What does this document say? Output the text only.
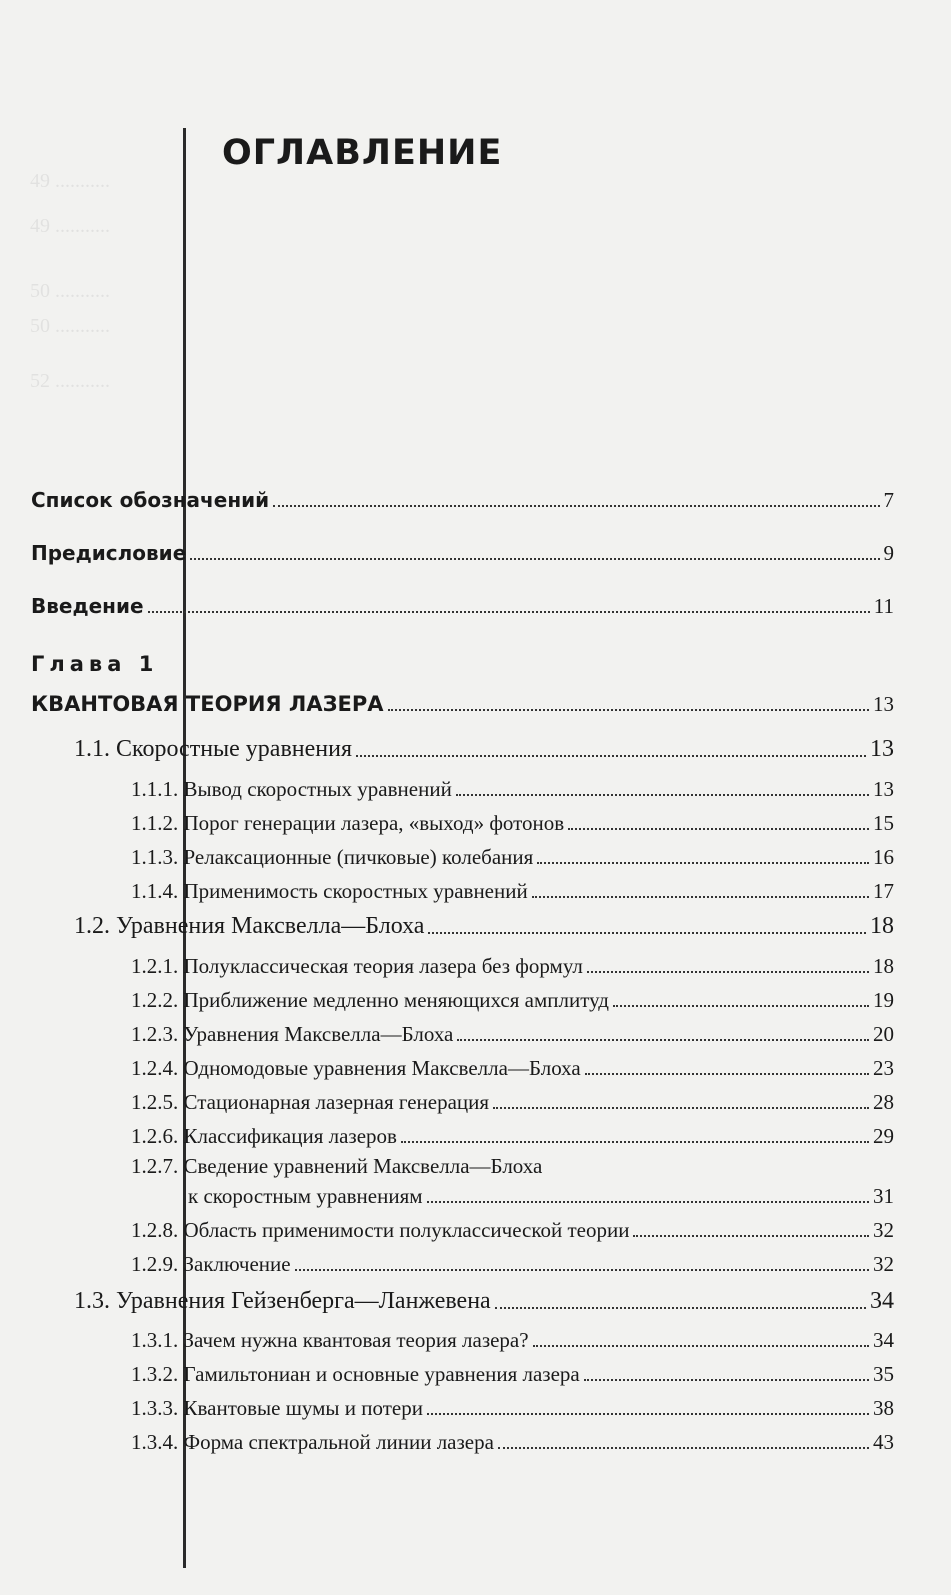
49 ...........
49 ...........
50 ...........
50 ...........
52 ...........
ОГЛАВЛЕНИЕ
Список обозначений	7
Предисловие	9
Введение	11
Глава 1
КВАНТОВАЯ ТЕОРИЯ ЛАЗЕРА	13
1.1. Скоростные уравнения	13
1.1.1. Вывод скоростных уравнений	13
1.1.2. Порог генерации лазера, «выход» фотонов	15
1.1.3. Релаксационные (пичковые) колебания	16
1.1.4. Применимость скоростных уравнений	17
1.2. Уравнения Максвелла—Блоха	18
1.2.1. Полуклассическая теория лазера без формул	18
1.2.2. Приближение медленно меняющихся амплитуд	19
1.2.3. Уравнения Максвелла—Блоха	20
1.2.4. Одномодовые уравнения Максвелла—Блоха	23
1.2.5. Стационарная лазерная генерация	28
1.2.6. Классификация лазеров	29
1.2.7. Сведение уравнений Максвелла—Блоха
к скоростным уравнениям	31
1.2.8. Область применимости полуклассической теории	32
1.2.9. Заключение	32
1.3. Уравнения Гейзенберга—Ланжевена	34
1.3.1. Зачем нужна квантовая теория лазера?	34
1.3.2. Гамильтониан и основные уравнения лазера	35
1.3.3. Квантовые шумы и потери	38
1.3.4. Форма спектральной линии лазера	43
